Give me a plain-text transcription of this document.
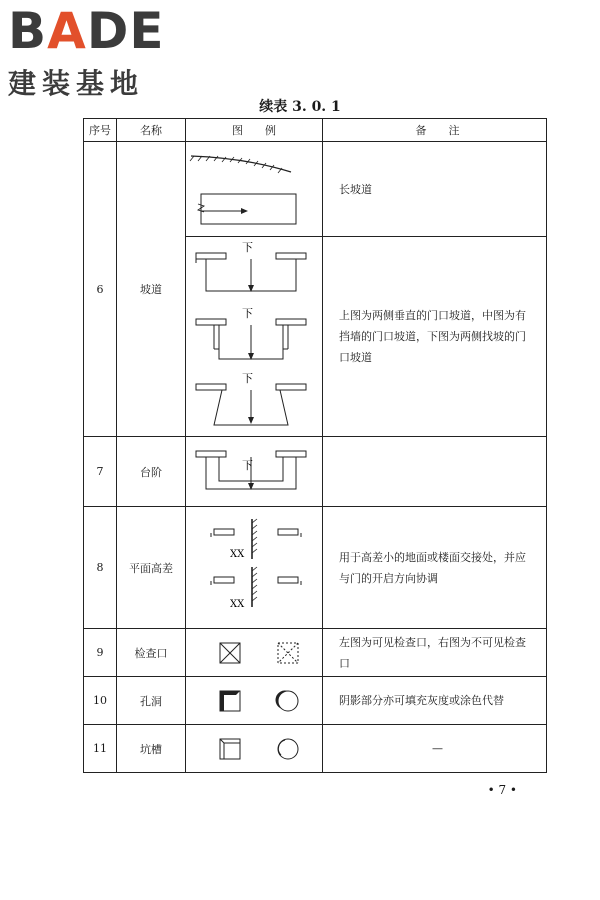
BADE
建装基地
续表 3. 0. 1
序号	名称	图　　例	备　　注
6	坡道		长坡道

下
下
下	上图为两侧垂直的门口坡道，中图为有挡墙的门口坡道，下图为两侧找坡的门口坡道
7	台阶	下	

8	平面高差	XX
XX	用于高差小的地面或楼面交接处，并应与门的开启方向协调
9	检查口		左图为可见检查口，右图为不可见检查口
10	孔洞		阴影部分亦可填充灰度或涂色代替
11	坑槽		—
• 7 •
